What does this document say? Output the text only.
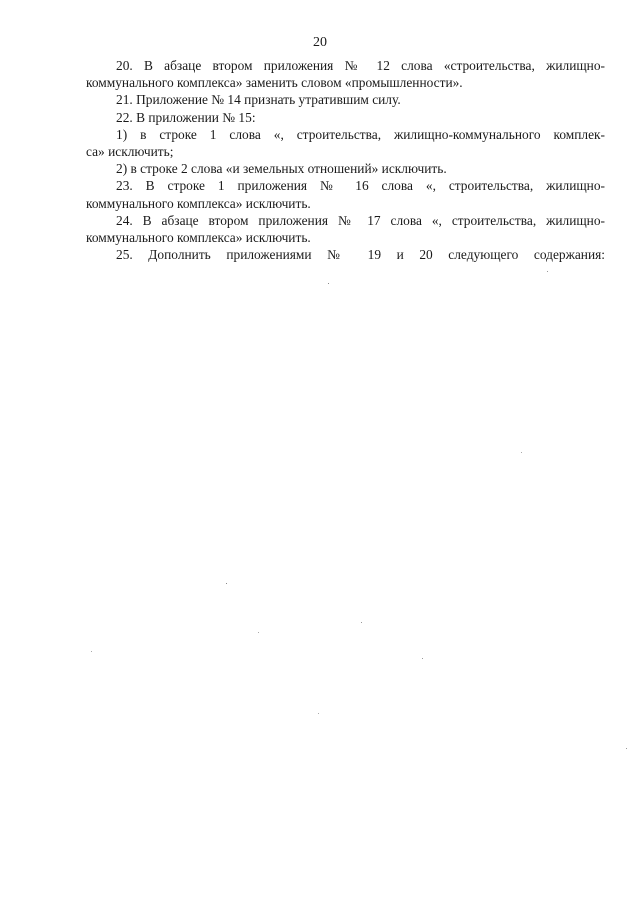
20

20. В абзаце втором приложения № 12 слова «строительства, жилищно-
коммунального комплекса» заменить словом «промышленности».

21. Приложение № 14 признать утратившим силу.

22. В приложении № 15:

1) в строке 1 слова «, строительства, жилищно-коммунального комплек-
са» исключить;

2) в строке 2 слова «и земельных отношений» исключить.

23. В строке 1 приложения № 16 слова «, строительства, жилищно-
коммунального комплекса» исключить.

24. В абзаце втором приложения № 17 слова «, строительства, жилищно-
коммунального комплекса» исключить.

25. Дополнить приложениями № 19 и 20 следующего содержания:
